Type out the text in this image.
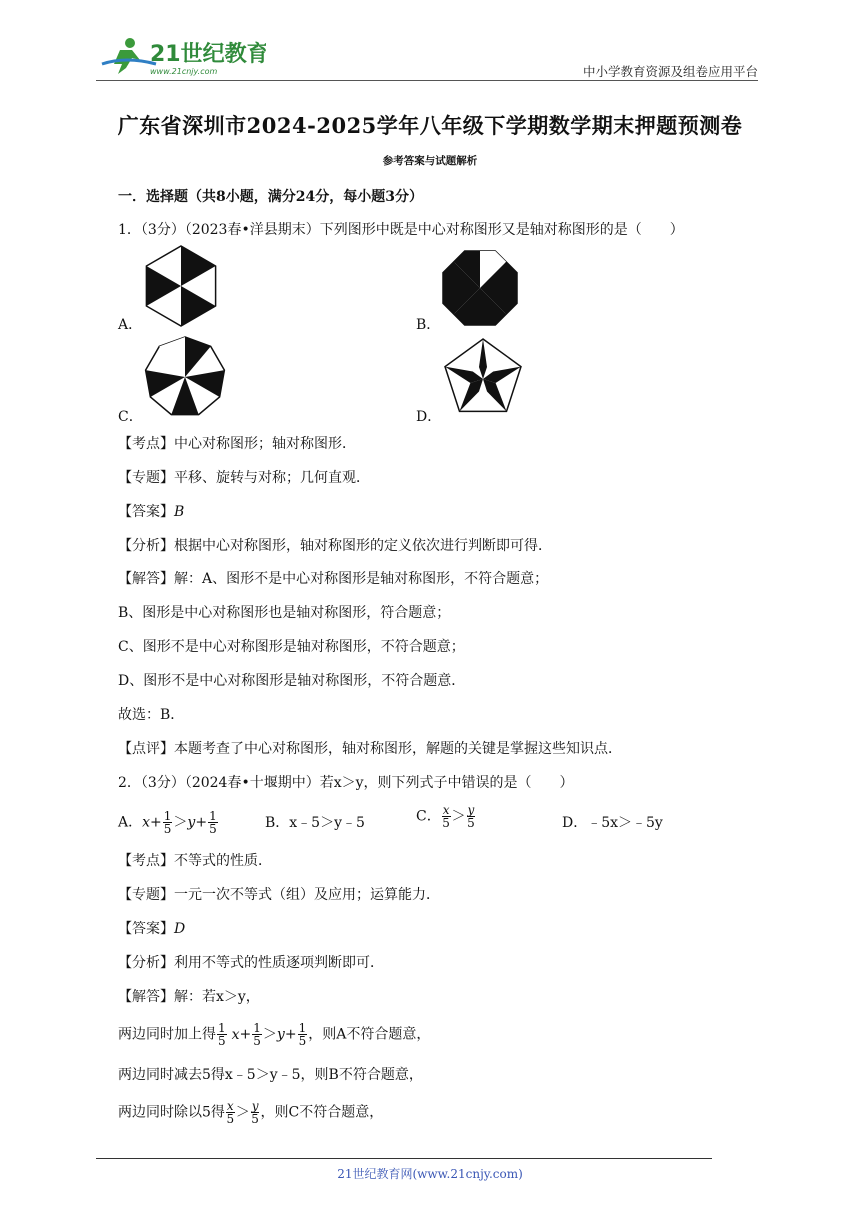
21世纪教育
www.21cnjy.com	中小学教育资源及组卷应用平台
广东省深圳市2024-2025学年八年级下学期数学期末押题预测卷
参考答案与试题解析
一．选择题（共8小题，满分24分，每小题3分）
1．（3分）（2023春•洋县期末）下列图形中既是中心对称图形又是轴对称图形的是（　　）
A．	B．
C．	D．
【考点】中心对称图形；轴对称图形．
【专题】平移、旋转与对称；几何直观．
【答案】B
【分析】根据中心对称图形，轴对称图形的定义依次进行判断即可得．
【解答】解：A、图形不是中心对称图形是轴对称图形，不符合题意；
B、图形是中心对称图形也是轴对称图形，符合题意；
C、图形不是中心对称图形是轴对称图形，不符合题意；
D、图形不是中心对称图形是轴对称图形，不符合题意．
故选：B．
【点评】本题考查了中心对称图形，轴对称图形，解题的关键是掌握这些知识点．
2．（3分）（2024春•十堰期中）若x＞y，则下列式子中错误的是（　　）
A．$x+ \frac{1}{5} >y+ \frac{1}{5}$	B．x﹣5＞y﹣5	C． $\frac{x}{5} > \frac{y}{5}$	D．﹣5x＞﹣5y
【考点】不等式的性质．
【专题】一元一次不等式（组）及应用；运算能力．
【答案】D
【分析】利用不等式的性质逐项判断即可．
【解答】解：若x＞y，
两边同时加上得 $\frac{1}{5} x+ \frac{1}{5} >y+ \frac{1}{5}$ ，则A不符合题意，
两边同时减去5得x﹣5＞y﹣5，则B不符合题意，
两边同时除以5得 $\frac{x}{5} > \frac{y}{5}$ ，则C不符合题意，
21世纪教育网(www.21cnjy.com)
